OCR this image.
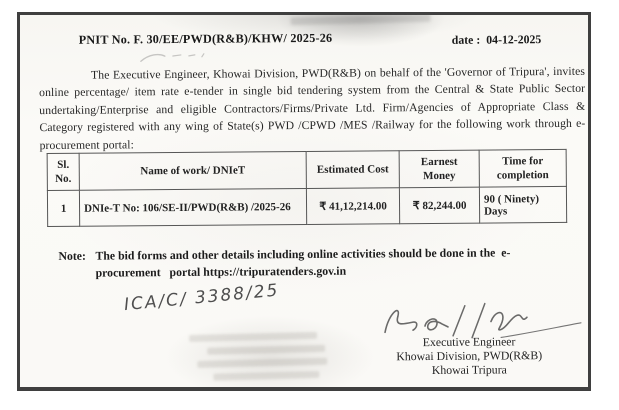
PNIT No. F. 30/EE/PWD(R&B)/KHW/ 2025-26	date : 04-12-2025

The Executive Engineer, Khowai Division, PWD(R&B) on behalf of the 'Governor of Tripura', invites online percentage/ item rate e-tender in single bid tendering system from the Central & State Public Sector undertaking/Enterprise and eligible Contractors/Firms/Private Ltd. Firm/Agencies of Appropriate Class & Category registered with any wing of State(s) PWD /CPWD /MES /Railway for the following work through e-procurement portal:

Sl. No.	Name of work/ DNIeT	Estimated Cost	Earnest Money	Time for completion
1	DNIe-T No: 106/SE-II/PWD(R&B) /2025-26	₹ 41,12,214.00	₹ 82,244.00	90 ( Ninety) Days
Note: The bid forms and other details including online activities should be done in the  e-
procurement   portal https://tripuratenders.gov.in
ICA/C/ 3388/25
Executive Engineer
Khowai Division, PWD(R&B)
Khowai Tripura
